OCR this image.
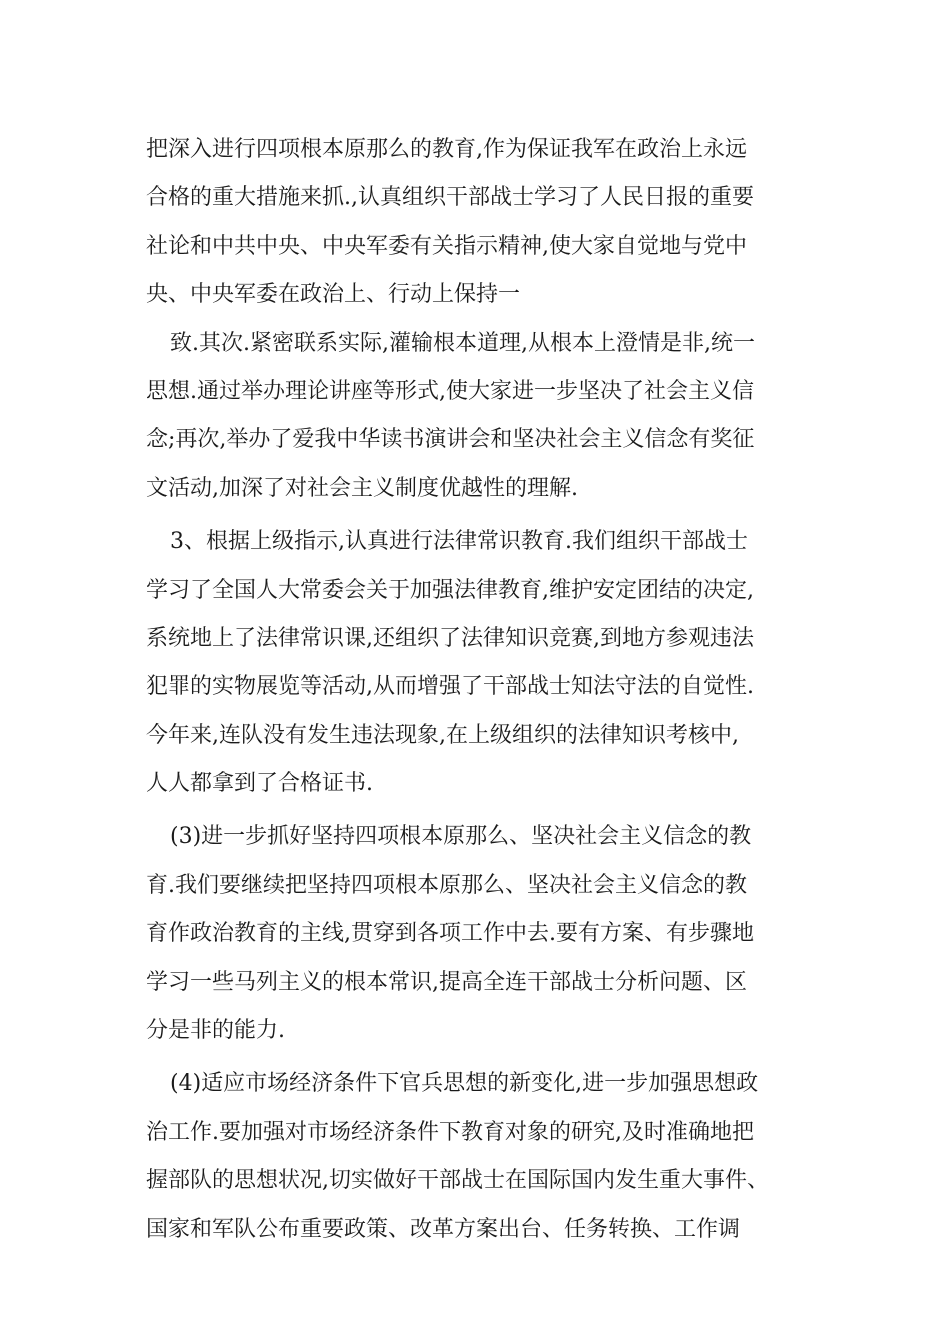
把深入进行四项根本原那么的教育,作为保证我军在政治上永远
合格的重大措施来抓.,认真组织干部战士学习了人民日报的重要
社论和中共中央、中央军委有关指示精神,使大家自觉地与党中
央、中央军委在政治上、行动上保持一
致.其次.紧密联系实际,灌输根本道理,从根本上澄情是非,统一
思想.通过举办理论讲座等形式,使大家进一步坚决了社会主义信
念;再次,举办了爱我中华读书演讲会和坚决社会主义信念有奖征
文活动,加深了对社会主义制度优越性的理解.
3、根据上级指示,认真进行法律常识教育.我们组织干部战士
学习了全国人大常委会关于加强法律教育,维护安定团结的决定,
系统地上了法律常识课,还组织了法律知识竞赛,到地方参观违法
犯罪的实物展览等活动,从而增强了干部战士知法守法的自觉性.
今年来,连队没有发生违法现象,在上级组织的法律知识考核中,
人人都拿到了合格证书.
(3)进一步抓好坚持四项根本原那么、坚决社会主义信念的教
育.我们要继续把坚持四项根本原那么、坚决社会主义信念的教
育作政治教育的主线,贯穿到各项工作中去.要有方案、有步骤地
学习一些马列主义的根本常识,提高全连干部战士分析问题、区
分是非的能力.
(4)适应市场经济条件下官兵思想的新变化,进一步加强思想政
治工作.要加强对市场经济条件下教育对象的研究,及时准确地把
握部队的思想状况,切实做好干部战士在国际国内发生重大事件、
国家和军队公布重要政策、改革方案出台、任务转换、工作调
